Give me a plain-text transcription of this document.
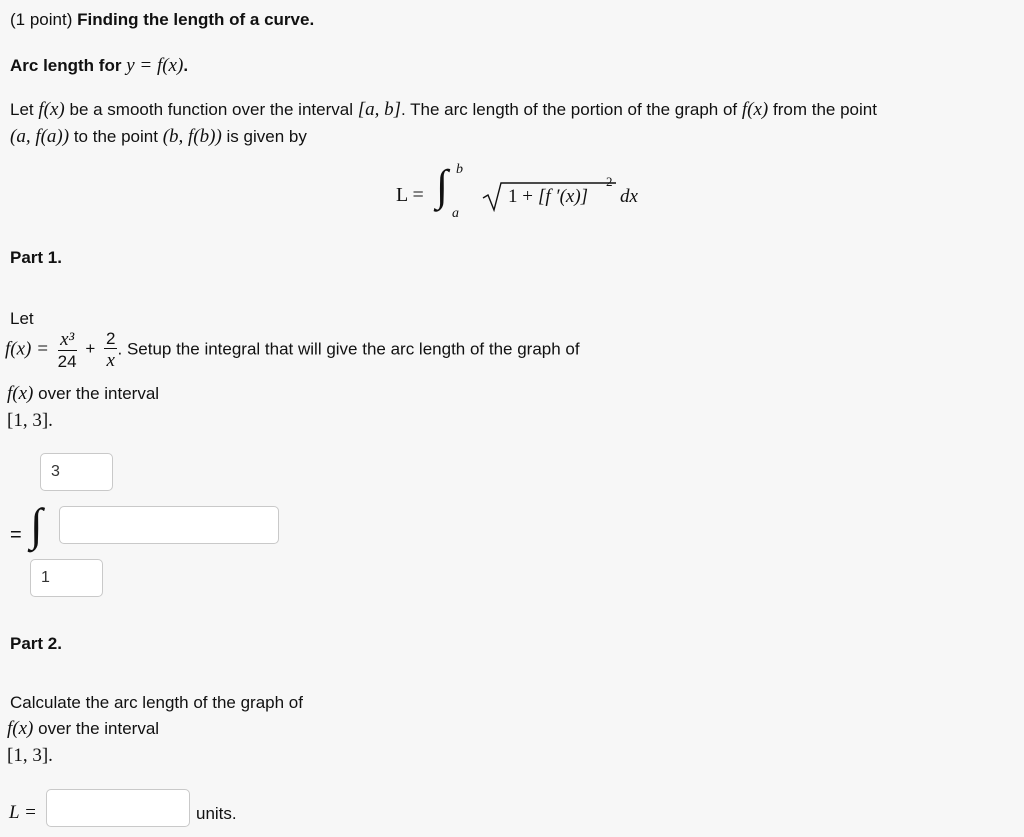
(1 point) Finding the length of a curve.
Arc length for y = f(x).
Let f(x) be a smooth function over the interval [a, b]. The arc length of the portion of the graph of f(x) from the point
(a, f(a)) to the point (b, f(b)) is given by
L = ∫ b
a
1 + [f ′(x)]
2
dx
Part 1.
Let
$f(x) = \frac{\text{x³}}{24} + \frac{2}{x}$ . Setup the integral that will give the arc length of the graph of
f(x) over the interval
[1, 3].
3
= ∫
1
Part 2.
Calculate the arc length of the graph of
f(x) over the interval
[1, 3].
L =	units.
